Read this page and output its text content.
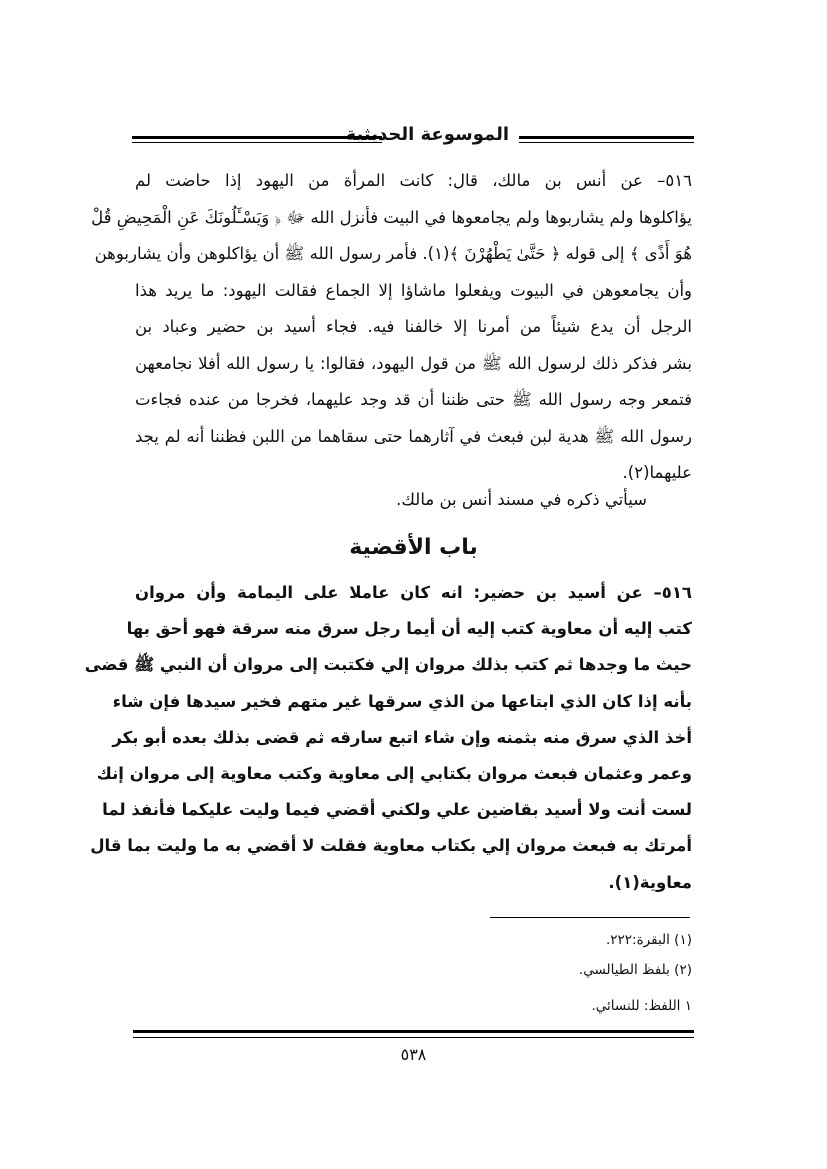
الموسوعة الحديثية
٥١٦– عن أنس بن مالك، قال: كانت المرأة من اليهود إذا حاضت لم
يؤاكلوها ولم يشاربوها ولم يجامعوها في البيت فأنزل الله ﷻ ﴿ وَيَسْـَٔلُونَكَ عَنِ الْمَحِيضِ قُلْ
هُوَ أَذًى ﴾ إلى قوله ﴿ حَتَّىٰ يَطْهُرْنَ ﴾(١). فأمر رسول الله ﷺ أن يؤاكلوهن وأن يشاربوهن
وأن يجامعوهن في البيوت ويفعلوا ماشاؤا إلا الجماع فقالت اليهود: ما يريد هذا
الرجل أن يدع شيئاً من أمرنا إلا خالفنا فيه. فجاء أسيد بن حضير وعباد بن
بشر فذكر ذلك لرسول الله ﷺ من قول اليهود، فقالوا: يا رسول الله أفلا نجامعهن
فتمعر وجه رسول الله ﷺ حتى ظننا أن قد وجد عليهما، فخرجا من عنده فجاءت
رسول الله ﷺ هدية لبن فبعث في آثارهما حتى سقاهما من اللبن فظننا أنه لم يجد
عليهما(٢).
سيأتي ذكره في مسند أنس بن مالك.
باب الأقضية
٥١٦– عن أسيد بن حضير: انه كان عاملا على اليمامة وأن مروان
كتب إليه أن معاوية كتب إليه أن أيما رجل سرق منه سرقة فهو أحق بها
حيث ما وجدها ثم كتب بذلك مروان إلي فكتبت إلى مروان أن النبي ﷺ قضى
بأنه إذا كان الذي ابتاعها من الذي سرقها غير متهم فخير سيدها فإن شاء
أخذ الذي سرق منه بثمنه وإن شاء اتبع سارقه ثم قضى بذلك بعده أبو بكر
وعمر وعثمان فبعث مروان بكتابي إلى معاوية وكتب معاوية إلى مروان إنك
لست أنت ولا أسيد بقاضين علي ولكني أقضي فيما وليت عليكما فأنفذ لما
أمرتك به فبعث مروان إلي بكتاب معاوية فقلت لا أقضي به ما وليت بما قال
معاوية(١).
(١) البقرة:٢٢٢.
(٢) بلفظ الطيالسي.
١ اللفظ: للنسائي.
٥٣٨
